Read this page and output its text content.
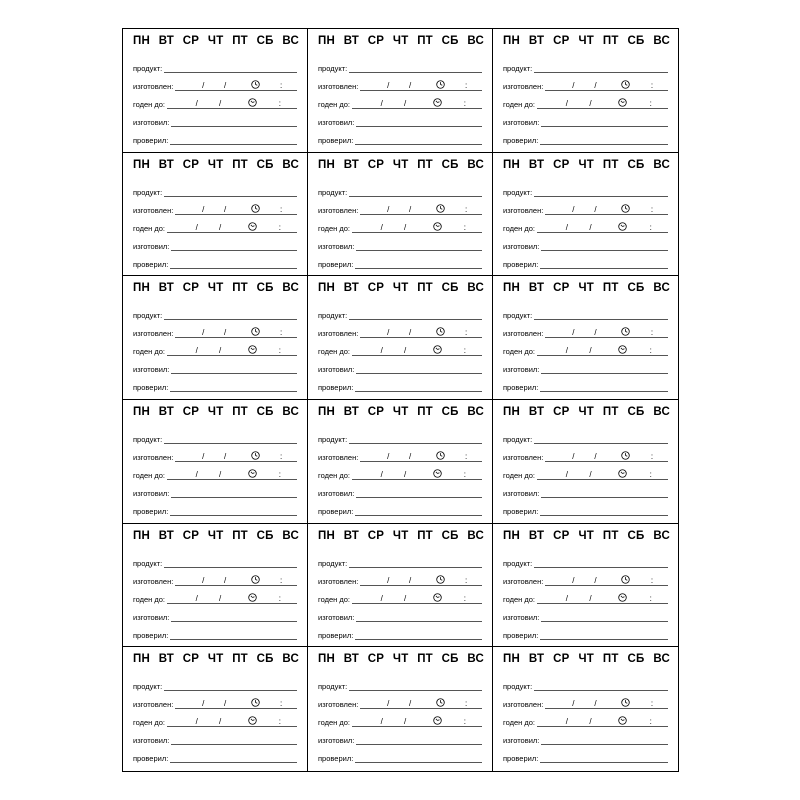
ПН ВТ СР ЧТ ПТ СБ ВС
продукт:
изготовлен:	/ /	:
годен до:	/	/	:
изготовил:
проверил:
ПН ВТ СР ЧТ ПТ СБ ВС
продукт:
изготовлен:	/ /	:
годен до:	/	/	:
изготовил:
проверил:
ПН ВТ СР ЧТ ПТ СБ ВС
продукт:
изготовлен:	/ /	:
годен до:	/	/	:
изготовил:
проверил:
ПН ВТ СР ЧТ ПТ СБ ВС
продукт:
изготовлен:	/ /	:
годен до:	/	/	:
изготовил:
проверил:
ПН ВТ СР ЧТ ПТ СБ ВС
продукт:
изготовлен:	/ /	:
годен до:	/	/	:
изготовил:
проверил:
ПН ВТ СР ЧТ ПТ СБ ВС
продукт:
изготовлен:	/ /	:
годен до:	/	/	:
изготовил:
проверил:
ПН ВТ СР ЧТ ПТ СБ ВС
продукт:
изготовлен:	/ /	:
годен до:	/	/	:
изготовил:
проверил:
ПН ВТ СР ЧТ ПТ СБ ВС
продукт:
изготовлен:	/ /	:
годен до:	/	/	:
изготовил:
проверил:
ПН ВТ СР ЧТ ПТ СБ ВС
продукт:
изготовлен:	/ /	:
годен до:	/	/	:
изготовил:
проверил:
ПН ВТ СР ЧТ ПТ СБ ВС
продукт:
изготовлен:	/ /	:
годен до:	/	/	:
изготовил:
проверил:
ПН ВТ СР ЧТ ПТ СБ ВС
продукт:
изготовлен:	/ /	:
годен до:	/	/	:
изготовил:
проверил:
ПН ВТ СР ЧТ ПТ СБ ВС
продукт:
изготовлен:	/ /	:
годен до:	/	/	:
изготовил:
проверил:
ПН ВТ СР ЧТ ПТ СБ ВС
продукт:
изготовлен:	/ /	:
годен до:	/	/	:
изготовил:
проверил:
ПН ВТ СР ЧТ ПТ СБ ВС
продукт:
изготовлен:	/ /	:
годен до:	/	/	:
изготовил:
проверил:
ПН ВТ СР ЧТ ПТ СБ ВС
продукт:
изготовлен:	/ /	:
годен до:	/	/	:
изготовил:
проверил:
ПН ВТ СР ЧТ ПТ СБ ВС
продукт:
изготовлен:	/ /	:
годен до:	/	/	:
изготовил:
проверил:
ПН ВТ СР ЧТ ПТ СБ ВС
продукт:
изготовлен:	/ /	:
годен до:	/	/	:
изготовил:
проверил:
ПН ВТ СР ЧТ ПТ СБ ВС
продукт:
изготовлен:	/ /	:
годен до:	/	/	:
изготовил:
проверил:
